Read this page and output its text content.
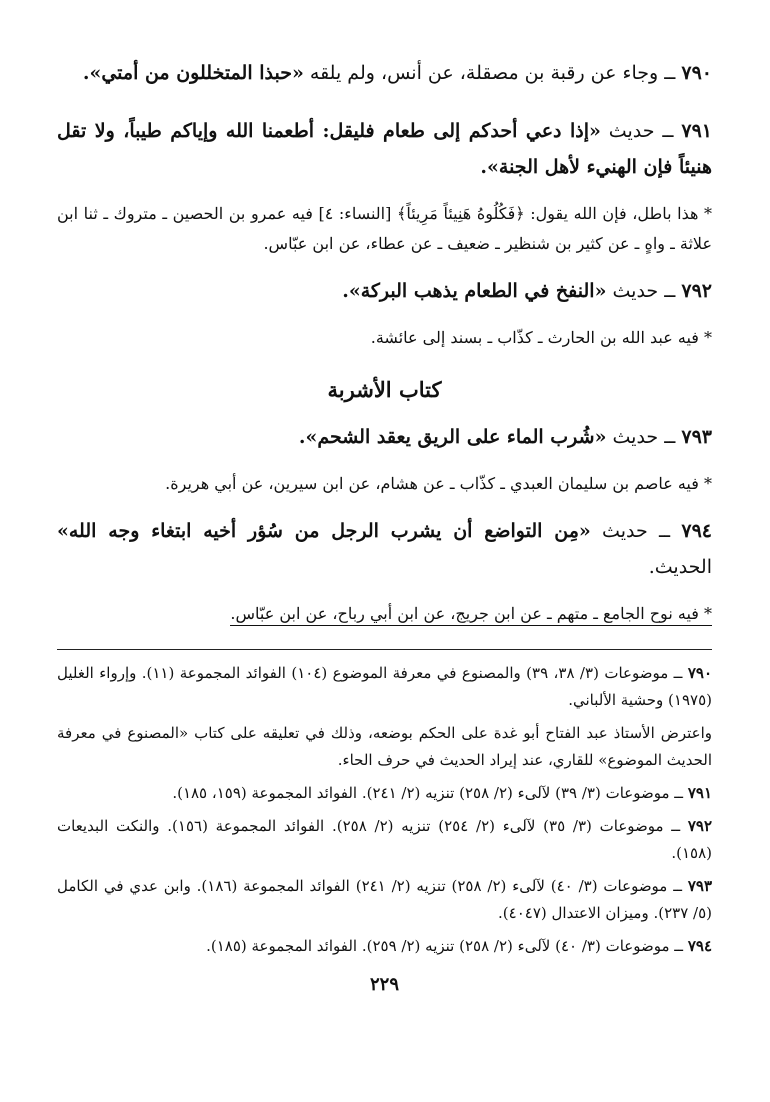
٧٩٠ ــ وجاء عن رقبة بن مصقلة، عن أنس، ولم يلقه «حبذا المتخللون من أمتي».

٧٩١ ــ حديث «إذا دعي أحدكم إلى طعام فليقل: أطعمنا الله وإياكم طيباً، ولا تقل هنيئاً فإن الهنيء لأهل الجنة».

* هذا باطل، فإن الله يقول: ﴿فَكُلُوهُ هَنِيئاً مَرِيئاً﴾ [النساء: ٤] فيه عمرو بن الحصين ـ متروك ـ ثنا ابن علاثة ـ واهٍ ـ عن كثير بن شنظير ـ ضعيف ـ عن عطاء، عن ابن عبّاس.

٧٩٢ ــ حديث «النفخ في الطعام يذهب البركة».

* فيه عبد الله بن الحارث ـ كذّاب ـ بسند إلى عائشة.

كتاب الأشربة

٧٩٣ ــ حديث «شُرب الماء على الريق يعقد الشحم».

* فيه عاصم بن سليمان العبدي ـ كذّاب ـ عن هشام، عن ابن سيرين، عن أبي هريرة.

٧٩٤ ــ حديث «مِن التواضع أن يشرب الرجل من سُؤر أخيه ابتغاء وجه الله» الحديث.

* فيه نوح الجامع ـ متهم ـ عن ابن جريج، عن ابن أبي رباح، عن ابن عبّاس.

٧٩٠ ــ موضوعات (٣/ ٣٨، ٣٩) والمصنوع في معرفة الموضوع (١٠٤) الفوائد المجموعة (١١). وإرواء الغليل (١٩٧٥) وحشية الألباني.

واعترض الأستاذ عبد الفتاح أبو غدة على الحكم بوضعه، وذلك في تعليقه على كتاب «المصنوع في معرفة الحديث الموضوع» للقاري، عند إيراد الحديث في حرف الحاء.

٧٩١ ــ موضوعات (٣/ ٣٩) لآلىء (٢/ ٢٥٨) تنزيه (٢/ ٢٤١). الفوائد المجموعة (١٥٩، ١٨٥).

٧٩٢ ــ موضوعات (٣/ ٣٥) لآلىء (٢/ ٢٥٤) تنزيه (٢/ ٢٥٨). الفوائد المجموعة (١٥٦). والنكت البديعات (١٥٨).

٧٩٣ ــ موضوعات (٣/ ٤٠) لآلىء (٢/ ٢٥٨) تنزيه (٢/ ٢٤١) الفوائد المجموعة (١٨٦). وابن عدي في الكامل (٥/ ٢٣٧). وميزان الاعتدال (٤٠٤٧).

٧٩٤ ــ موضوعات (٣/ ٤٠) لآلىء (٢/ ٢٥٨) تنزيه (٢/ ٢٥٩). الفوائد المجموعة (١٨٥).

٢٢٩
